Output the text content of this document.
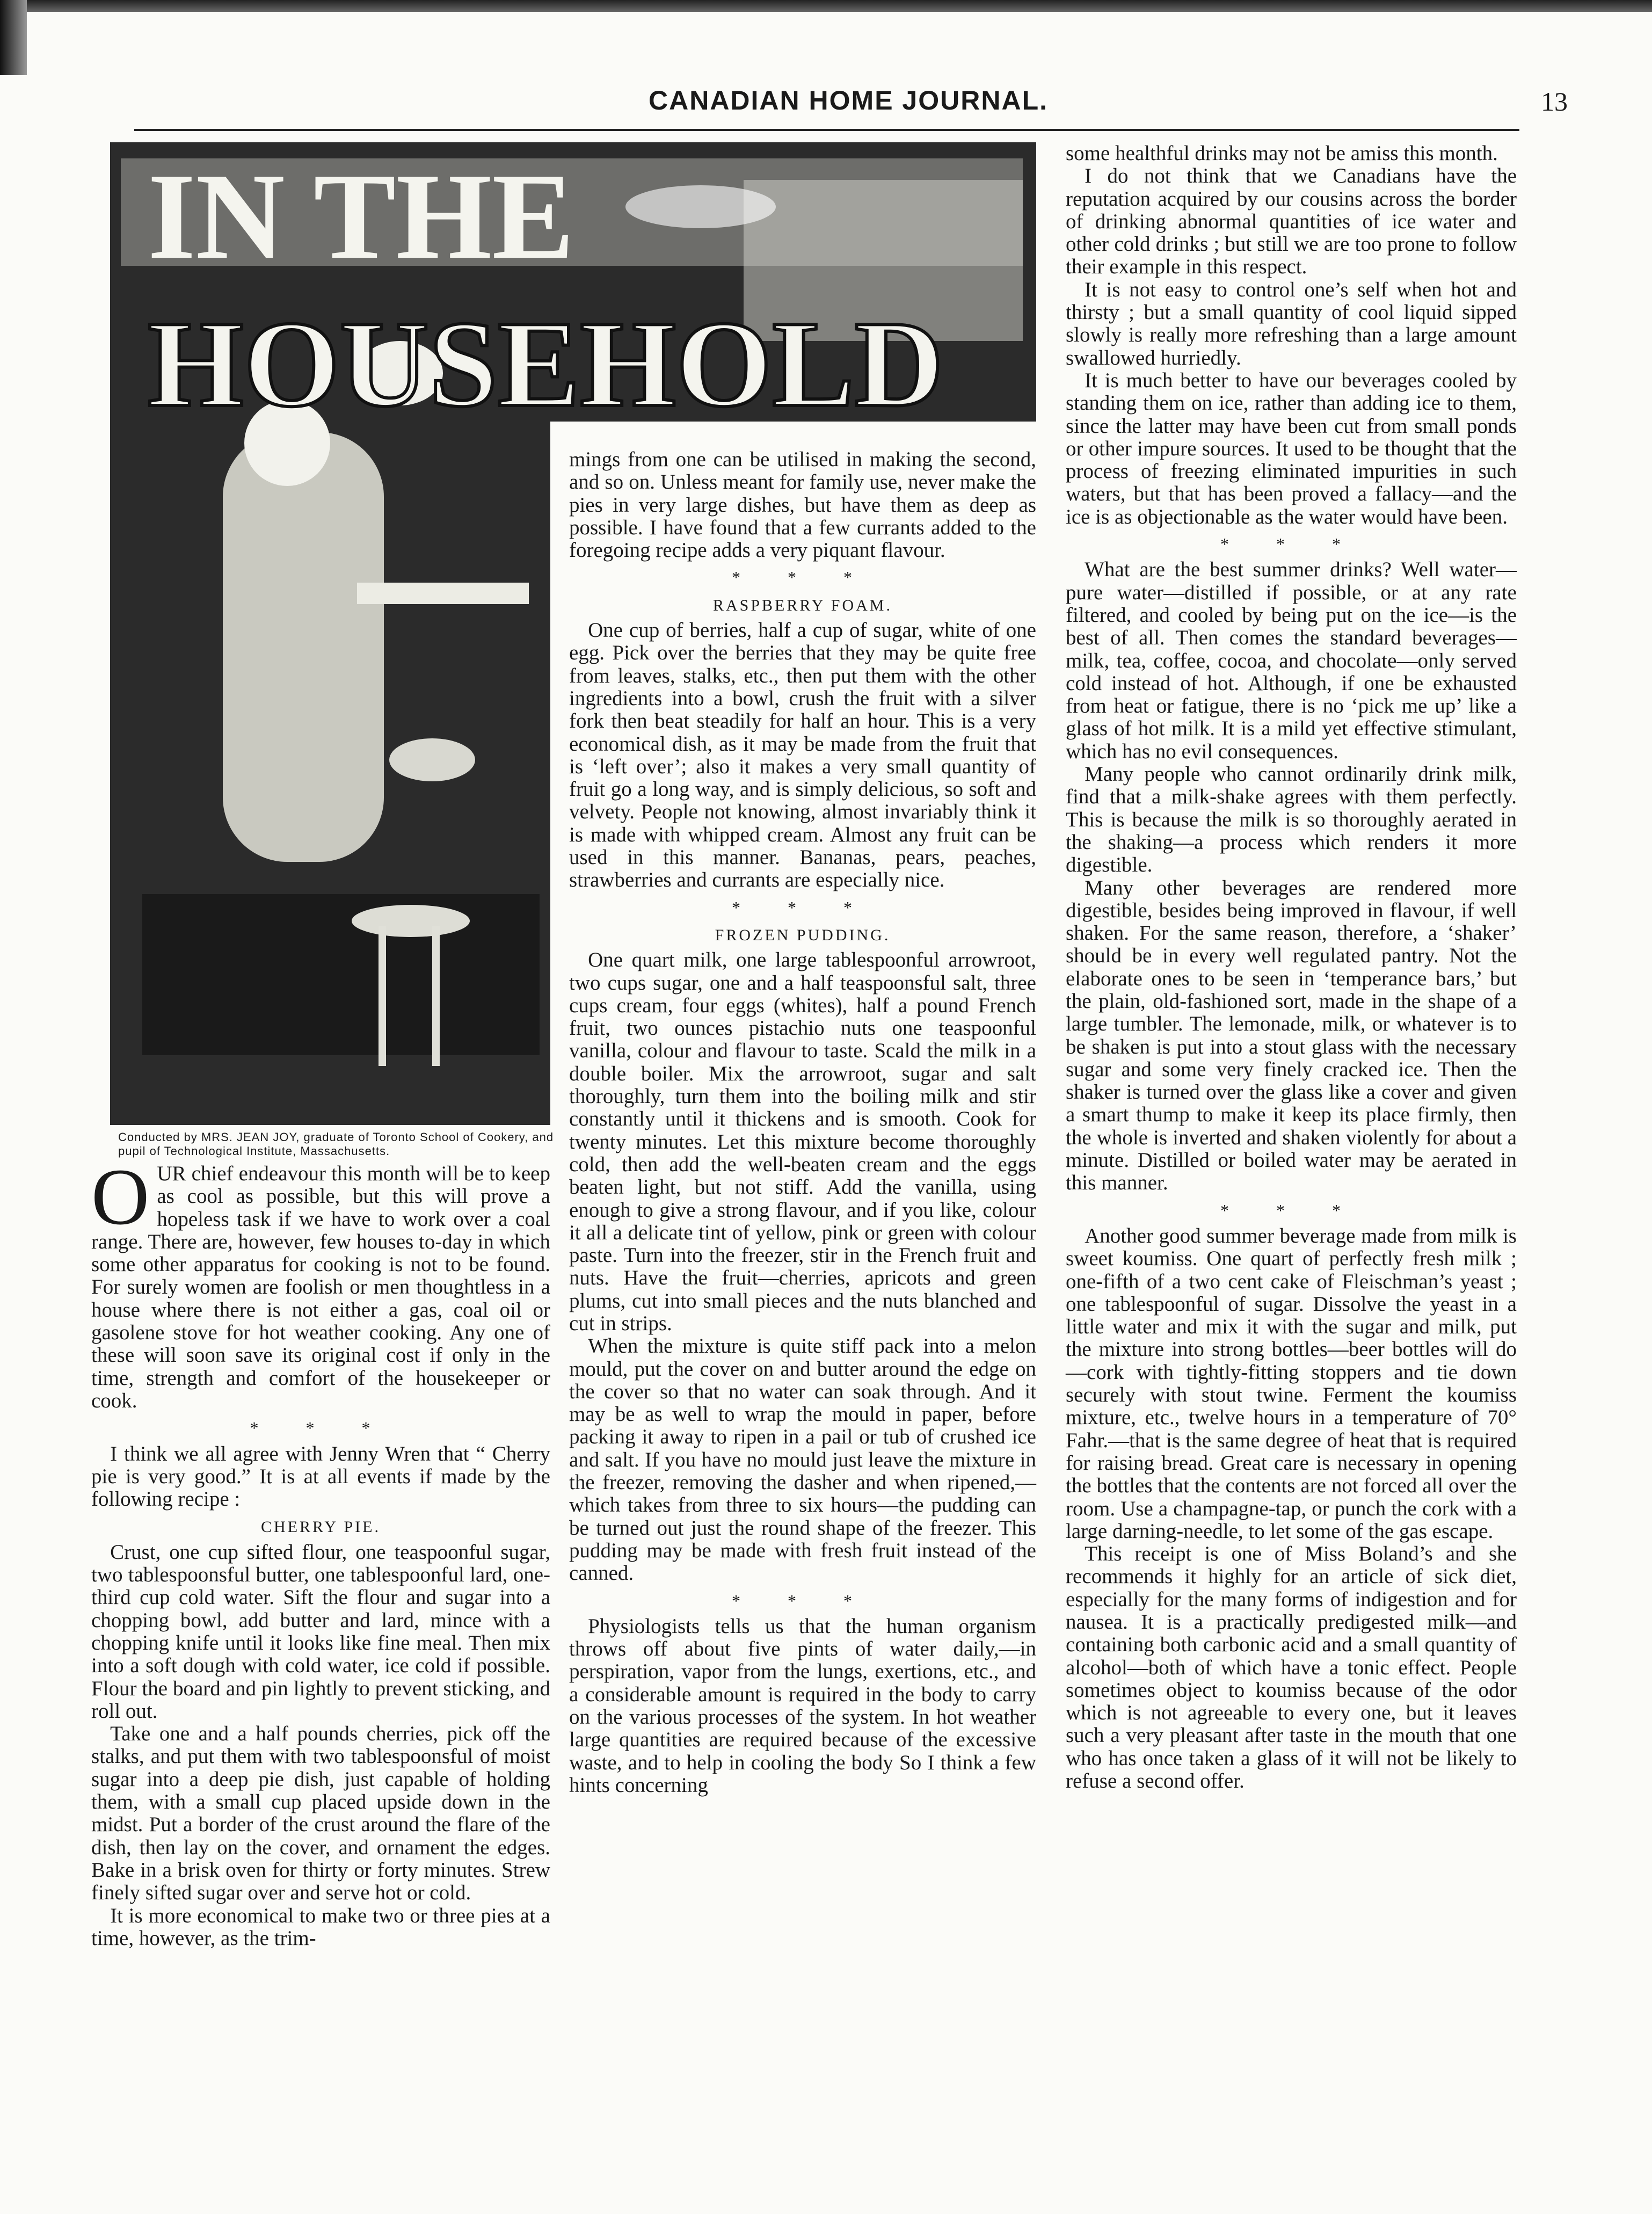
CANADIAN HOME JOURNAL.	13
IN THE
HOUSEHOLD
Conducted by MRS. JEAN JOY, graduate of Toronto School of Cookery, and pupil of Technological Institute, Massachusetts.

OUR chief endeavour this month will be to keep as cool as possible, but this will prove a hopeless task if we have to work over a coal range. There are, however, few houses to-day in which some other apparatus for cooking is not to be found. For surely women are foolish or men thoughtless in a house where there is not either a gas, coal oil or gasolene stove for hot weather cooking. Any one of these will soon save its original cost if only in the time, strength and comfort of the housekeeper or cook.

* * *

I think we all agree with Jenny Wren that “ Cherry pie is very good.” It is at all events if made by the following recipe :

CHERRY PIE.

Crust, one cup sifted flour, one teaspoonful sugar, two tablespoonsful butter, one tablespoonful lard, one-third cup cold water. Sift the flour and sugar into a chopping bowl, add butter and lard, mince with a chopping knife until it looks like fine meal. Then mix into a soft dough with cold water, ice cold if possible. Flour the board and pin lightly to prevent sticking, and roll out.

Take one and a half pounds cherries, pick off the stalks, and put them with two tablespoonsful of moist sugar into a deep pie dish, just capable of holding them, with a small cup placed upside down in the midst. Put a border of the crust around the flare of the dish, then lay on the cover, and ornament the edges. Bake in a brisk oven for thirty or forty minutes. Strew finely sifted sugar over and serve hot or cold.

It is more economical to make two or three pies at a time, however, as the trim-

mings from one can be utilised in making the second, and so on. Unless meant for family use, never make the pies in very large dishes, but have them as deep as possible. I have found that a few currants added to the foregoing recipe adds a very piquant flavour.

* * *
RASPBERRY FOAM.

One cup of berries, half a cup of sugar, white of one egg. Pick over the berries that they may be quite free from leaves, stalks, etc., then put them with the other ingredients into a bowl, crush the fruit with a silver fork then beat steadily for half an hour. This is a very economical dish, as it may be made from the fruit that is ‘left over’; also it makes a very small quantity of fruit go a long way, and is simply delicious, so soft and velvety. People not knowing, almost invariably think it is made with whipped cream. Almost any fruit can be used in this manner. Bananas, pears, peaches, strawberries and currants are especially nice.

* * *
FROZEN PUDDING.

One quart milk, one large tablespoonful arrowroot, two cups sugar, one and a half teaspoonsful salt, three cups cream, four eggs (whites), half a pound French fruit, two ounces pistachio nuts one teaspoonful vanilla, colour and flavour to taste. Scald the milk in a double boiler. Mix the arrowroot, sugar and salt thoroughly, turn them into the boiling milk and stir constantly until it thickens and is smooth. Cook for twenty minutes. Let this mixture become thoroughly cold, then add the well-beaten cream and the eggs beaten light, but not stiff. Add the vanilla, using enough to give a strong flavour, and if you like, colour it all a delicate tint of yellow, pink or green with colour paste. Turn into the freezer, stir in the French fruit and nuts. Have the fruit—cherries, apricots and green plums, cut into small pieces and the nuts blanched and cut in strips.

When the mixture is quite stiff pack into a melon mould, put the cover on and butter around the edge on the cover so that no water can soak through. And it may be as well to wrap the mould in paper, before packing it away to ripen in a pail or tub of crushed ice and salt. If you have no mould just leave the mixture in the freezer, removing the dasher and when ripened,—which takes from three to six hours—the pudding can be turned out just the round shape of the freezer. This pudding may be made with fresh fruit instead of the canned.

* * *

Physiologists tells us that the human organism throws off about five pints of water daily,—in perspiration, vapor from the lungs, exertions, etc., and a considerable amount is required in the body to carry on the various processes of the system. In hot weather large quantities are required because of the excessive waste, and to help in cooling the body So I think a few hints concerning

some healthful drinks may not be amiss this month.

I do not think that we Canadians have the reputation acquired by our cousins across the border of drinking abnormal quantities of ice water and other cold drinks ; but still we are too prone to follow their example in this respect.

It is not easy to control one’s self when hot and thirsty ; but a small quantity of cool liquid sipped slowly is really more refreshing than a large amount swallowed hurriedly.

It is much better to have our beverages cooled by standing them on ice, rather than adding ice to them, since the latter may have been cut from small ponds or other impure sources. It used to be thought that the process of freezing eliminated impurities in such waters, but that has been proved a fallacy—and the ice is as objectionable as the water would have been.

* * *

What are the best summer drinks? Well water—pure water—distilled if possible, or at any rate filtered, and cooled by being put on the ice—is the best of all. Then comes the standard beverages—milk, tea, coffee, cocoa, and chocolate—only served cold instead of hot. Although, if one be exhausted from heat or fatigue, there is no ‘pick me up’ like a glass of hot milk. It is a mild yet effective stimulant, which has no evil consequences.

Many people who cannot ordinarily drink milk, find that a milk-shake agrees with them perfectly. This is because the milk is so thoroughly aerated in the shaking—a process which renders it more digestible.

Many other beverages are rendered more digestible, besides being improved in flavour, if well shaken. For the same reason, therefore, a ‘shaker’ should be in every well regulated pantry. Not the elaborate ones to be seen in ‘temperance bars,’ but the plain, old-fashioned sort, made in the shape of a large tumbler. The lemonade, milk, or whatever is to be shaken is put into a stout glass with the necessary sugar and some very finely cracked ice. Then the shaker is turned over the glass like a cover and given a smart thump to make it keep its place firmly, then the whole is inverted and shaken violently for about a minute. Distilled or boiled water may be aerated in this manner.

* * *

Another good summer beverage made from milk is sweet koumiss. One quart of perfectly fresh milk ; one-fifth of a two cent cake of Fleischman’s yeast ; one tablespoonful of sugar. Dissolve the yeast in a little water and mix it with the sugar and milk, put the mixture into strong bottles—beer bottles will do—cork with tightly-fitting stoppers and tie down securely with stout twine. Ferment the koumiss mixture, etc., twelve hours in a temperature of 70° Fahr.—that is the same degree of heat that is required for raising bread. Great care is necessary in opening the bottles that the contents are not forced all over the room. Use a champagne-tap, or punch the cork with a large darning-needle, to let some of the gas escape.

This receipt is one of Miss Boland’s and she recommends it highly for an article of sick diet, especially for the many forms of indigestion and for nausea. It is a practically predigested milk—and containing both carbonic acid and a small quantity of alcohol—both of which have a tonic effect. People sometimes object to koumiss because of the odor which is not agreeable to every one, but it leaves such a very pleasant after taste in the mouth that one who has once taken a glass of it will not be likely to refuse a second offer.
